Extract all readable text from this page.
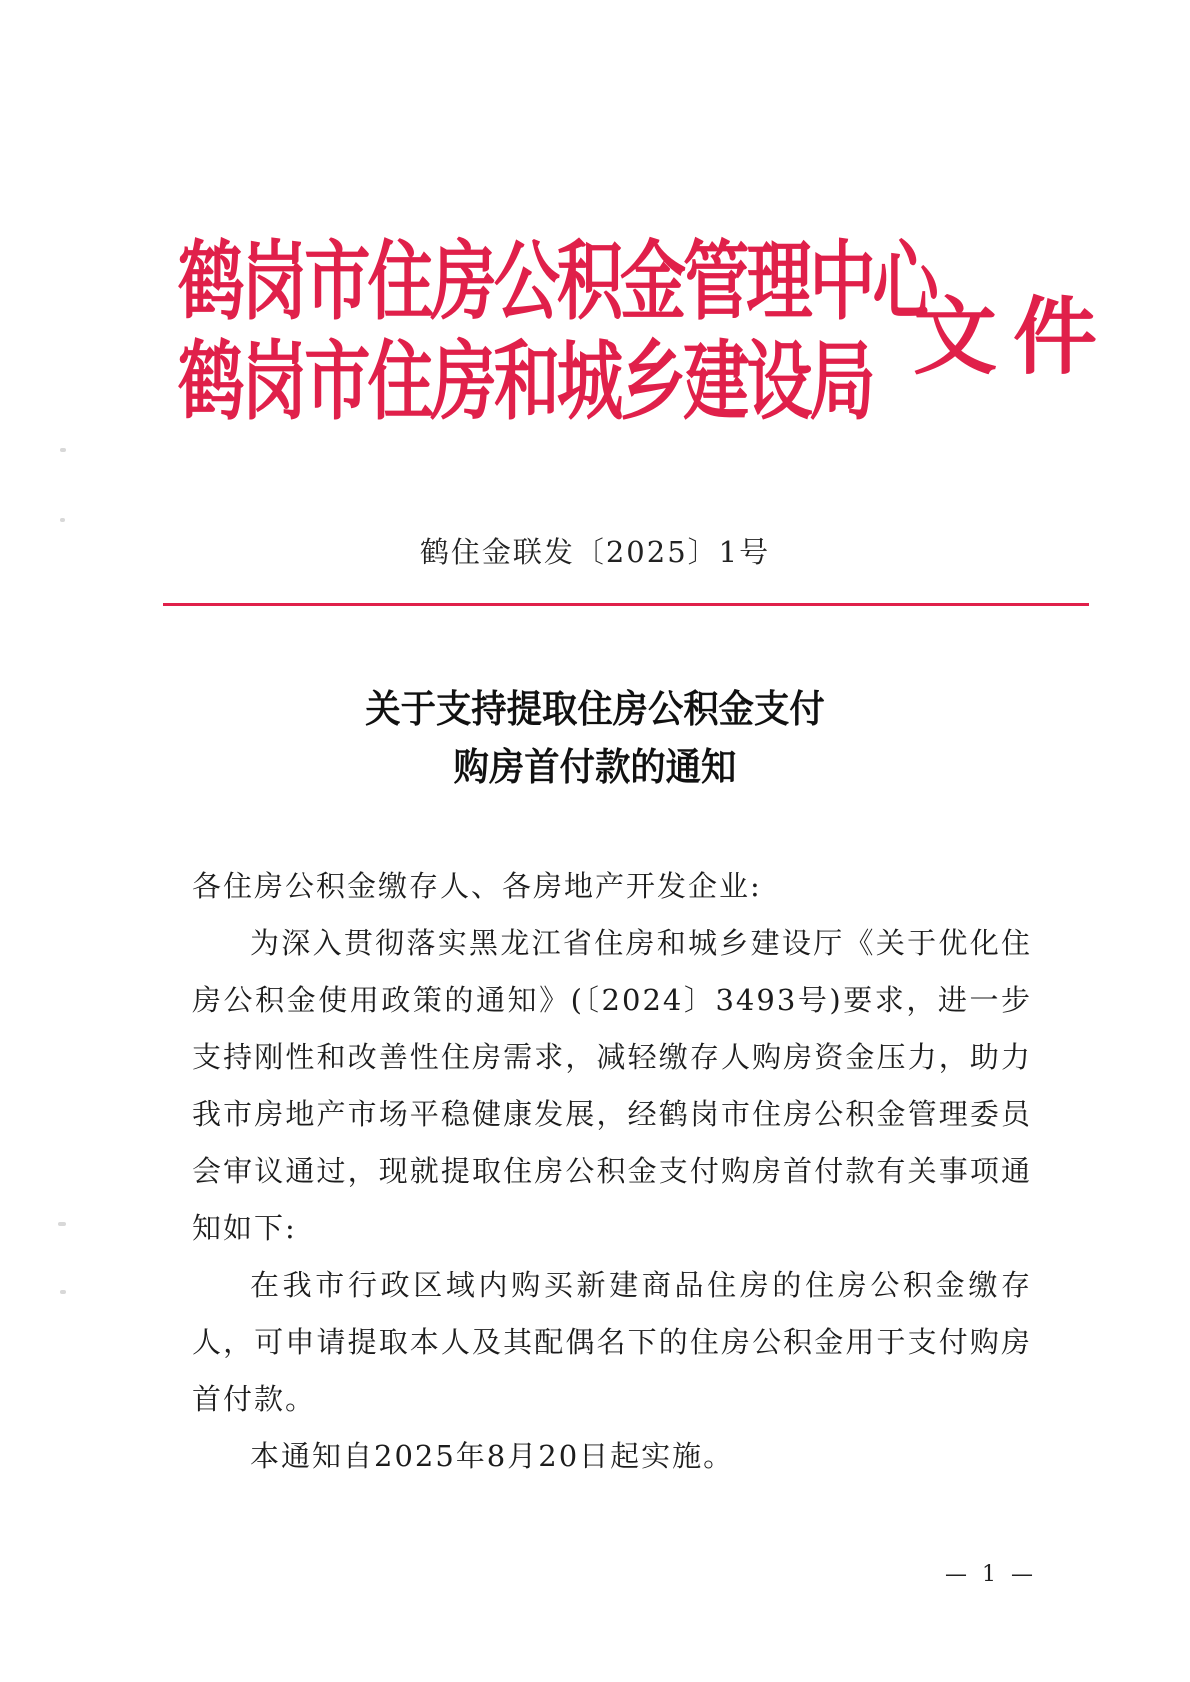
鹤岗市住房公积金管理中心
鹤岗市住房和城乡建设局 文件
鹤住金联发〔2025〕1号
关于支持提取住房公积金支付
购房首付款的通知

各住房公积金缴存人、各房地产开发企业:

为深入贯彻落实黑龙江省住房和城乡建设厅《关于优化住房公积金使用政策的通知》(〔2024〕3493号)要求，进一步支持刚性和改善性住房需求，减轻缴存人购房资金压力，助力我市房地产市场平稳健康发展，经鹤岗市住房公积金管理委员会审议通过，现就提取住房公积金支付购房首付款有关事项通知如下:

在我市行政区域内购买新建商品住房的住房公积金缴存人，可申请提取本人及其配偶名下的住房公积金用于支付购房首付款。

本通知自2025年8月20日起实施。

— 1 —
